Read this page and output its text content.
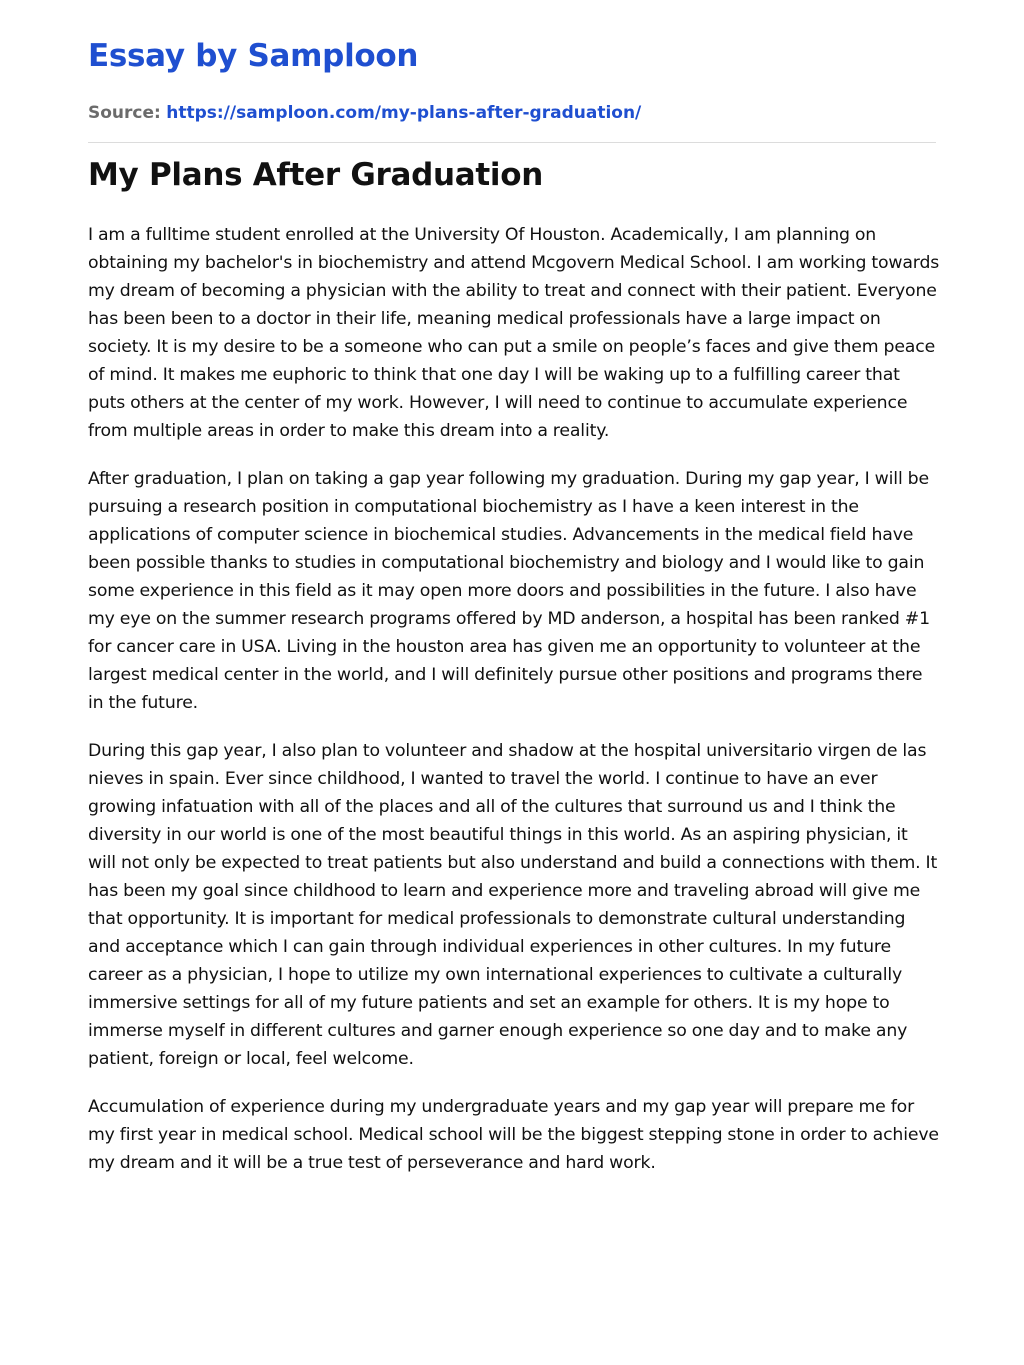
Essay by Samploon
Source: https://samploon.com/my-plans-after-graduation/
My Plans After Graduation

I am a fulltime student enrolled at the University Of Houston. Academically, I am planning on obtaining my bachelor's in biochemistry and attend Mcgovern Medical School. I am working towards my dream of becoming a physician with the ability to treat and connect with their patient. Everyone has been been to a doctor in their life, meaning medical professionals have a large impact on society. It is my desire to be a someone who can put a smile on people’s faces and give them peace of mind. It makes me euphoric to think that one day I will be waking up to a fulfilling career that puts others at the center of my work. However, I will need to continue to accumulate experience from multiple areas in order to make this dream into a reality.

After graduation, I plan on taking a gap year following my graduation. During my gap year, I will be pursuing a research position in computational biochemistry as I have a keen interest in the applications of computer science in biochemical studies. Advancements in the medical field have been possible thanks to studies in computational biochemistry and biology and I would like to gain some experience in this field as it may open more doors and possibilities in the future. I also have my eye on the summer research programs offered by MD anderson, a hospital has been ranked #1 for cancer care in USA. Living in the houston area has given me an opportunity to volunteer at the largest medical center in the world, and I will definitely pursue other positions and programs there in the future.

During this gap year, I also plan to volunteer and shadow at the hospital universitario virgen de las nieves in spain. Ever since childhood, I wanted to travel the world. I continue to have an ever growing infatuation with all of the places and all of the cultures that surround us and I think the diversity in our world is one of the most beautiful things in this world. As an aspiring physician, it will not only be expected to treat patients but also understand and build a connections with them. It has been my goal since childhood to learn and experience more and traveling abroad will give me that opportunity. It is important for medical professionals to demonstrate cultural understanding and acceptance which I can gain through individual experiences in other cultures. In my future career as a physician, I hope to utilize my own international experiences to cultivate a culturally immersive settings for all of my future patients and set an example for others. It is my hope to immerse myself in different cultures and garner enough experience so one day and to make any patient, foreign or local, feel welcome.

Accumulation of experience during my undergraduate years and my gap year will prepare me for my first year in medical school. Medical school will be the biggest stepping stone in order to achieve my dream and it will be a true test of perseverance and hard work.
